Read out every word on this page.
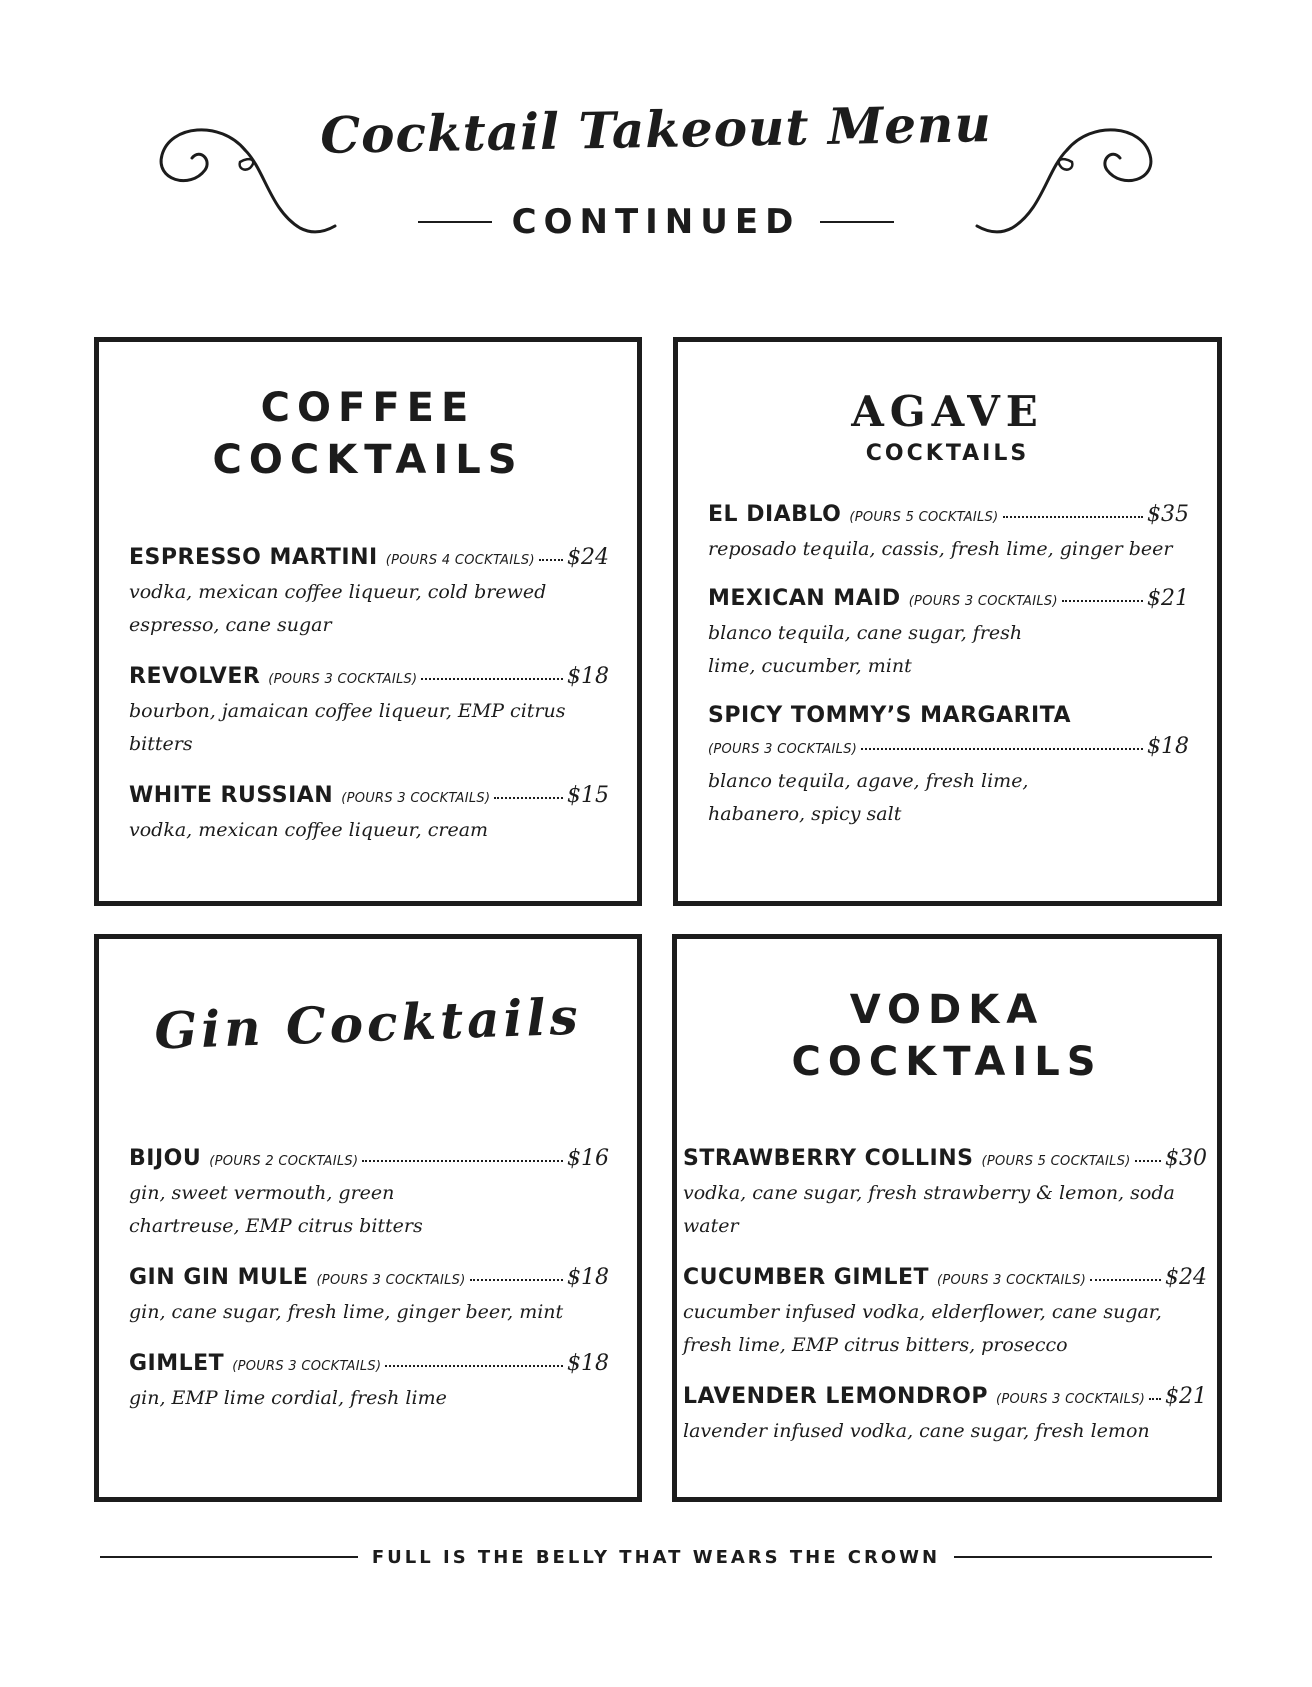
Cocktail Takeout Menu
CONTINUED
COFFEE
COCKTAILS
ESPRESSO MARTINI (POURS 4 COCKTAILS) $24
vodka, mexican coffee liqueur, cold brewed espresso, cane sugar
REVOLVER (POURS 3 COCKTAILS)	$18
bourbon, jamaican coffee liqueur, EMP citrus bitters
WHITE RUSSIAN (POURS 3 COCKTAILS)	$15
vodka, mexican coffee liqueur, cream
AGAVE
COCKTAILS
EL DIABLO (POURS 5 COCKTAILS)	$35
reposado tequila, cassis, fresh lime, ginger beer
MEXICAN MAID (POURS 3 COCKTAILS)	$21
blanco tequila, cane sugar, fresh lime, cucumber, mint
SPICY TOMMY’S MARGARITA
(POURS 3 COCKTAILS)	$18
blanco tequila, agave, fresh lime, habanero, spicy salt
Gin Cocktails
BIJOU (POURS 2 COCKTAILS)	$16
gin, sweet vermouth, green chartreuse, EMP citrus bitters
GIN GIN MULE (POURS 3 COCKTAILS)	$18
gin, cane sugar, fresh lime, ginger beer, mint
GIMLET (POURS 3 COCKTAILS)	$18
gin, EMP lime cordial, fresh lime
VODKA
COCKTAILS
STRAWBERRY COLLINS (POURS 5 COCKTAILS) $30
vodka, cane sugar, fresh strawberry & lemon, soda water
CUCUMBER GIMLET (POURS 3 COCKTAILS)	$24
cucumber infused vodka, elderflower, cane sugar, fresh lime, EMP citrus bitters, prosecco
LAVENDER LEMONDROP (POURS 3 COCKTAILS) $21
lavender infused vodka, cane sugar, fresh lemon
FULL IS THE BELLY THAT WEARS THE CROWN
